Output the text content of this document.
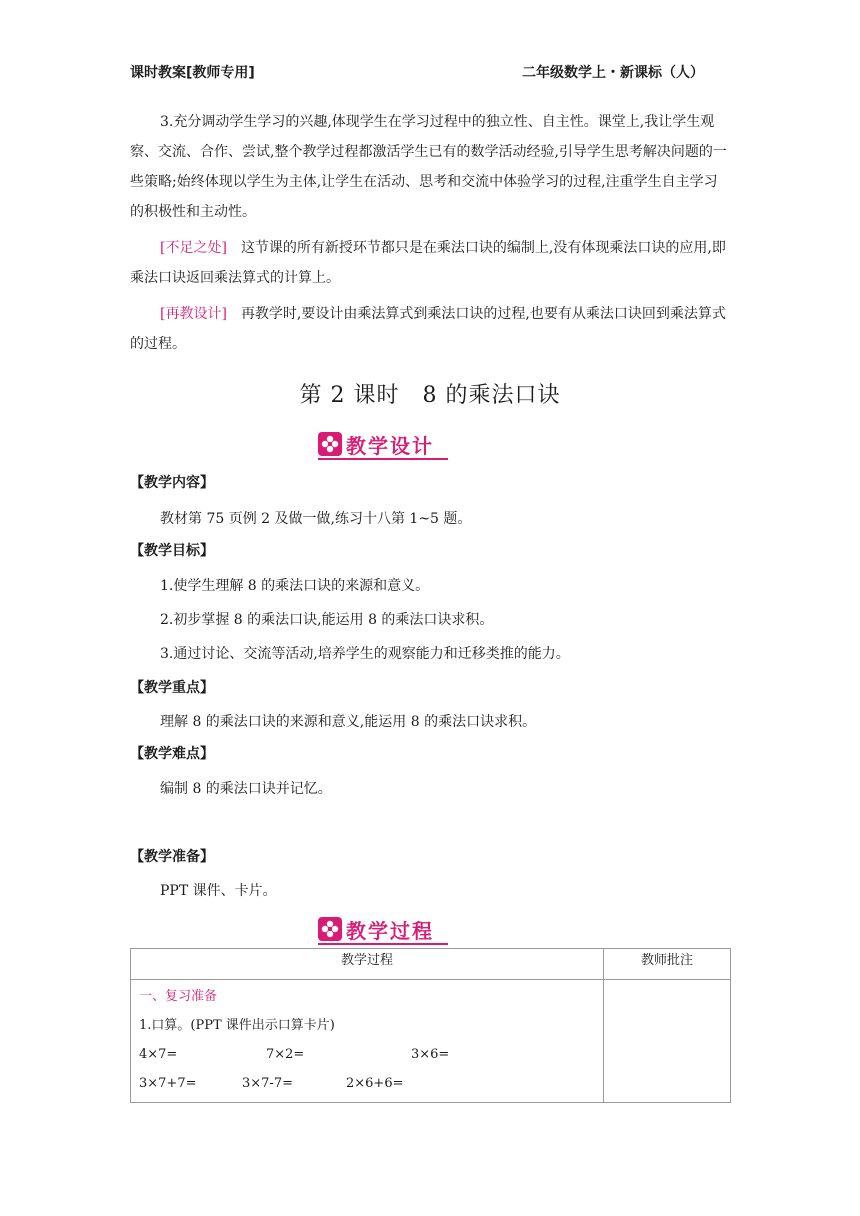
课时教案[教师专用]	二年级数学上・新课标（人）

3.充分调动学生学习的兴趣,体现学生在学习过程中的独立性、自主性。课堂上,我让学生观察、交流、合作、尝试,整个教学过程都激活学生已有的数学活动经验,引导学生思考解决问题的一些策略;始终体现以学生为主体,让学生在活动、思考和交流中体验学习的过程,注重学生自主学习的积极性和主动性。

[不足之处]　 这节课的所有新授环节都只是在乘法口诀的编制上,没有体现乘法口诀的应用,即乘法口诀返回乘法算式的计算上。

[再教设计]　 再教学时,要设计由乘法算式到乘法口诀的过程,也要有从乘法口诀回到乘法算式的过程。

第 2 课时　8 的乘法口诀
教学设计
【教学内容】
教材第 75 页例 2 及做一做,练习十八第 1~5 题。
【教学目标】
1.使学生理解 8 的乘法口诀的来源和意义。
2.初步掌握 8 的乘法口诀,能运用 8 的乘法口诀求积。
3.通过讨论、交流等活动,培养学生的观察能力和迁移类推的能力。
【教学重点】
理解 8 的乘法口诀的来源和意义,能运用 8 的乘法口诀求积。
【教学难点】
编制 8 的乘法口诀并记忆。
【教学准备】
PPT 课件、卡片。
教学过程
教学过程	教师批注

一、复习准备
1.口算。(PPT 课件出示口算卡片)
4×7= 7×2= 3×6=
3×7+7= 3×7-7= 2×6+6=	
